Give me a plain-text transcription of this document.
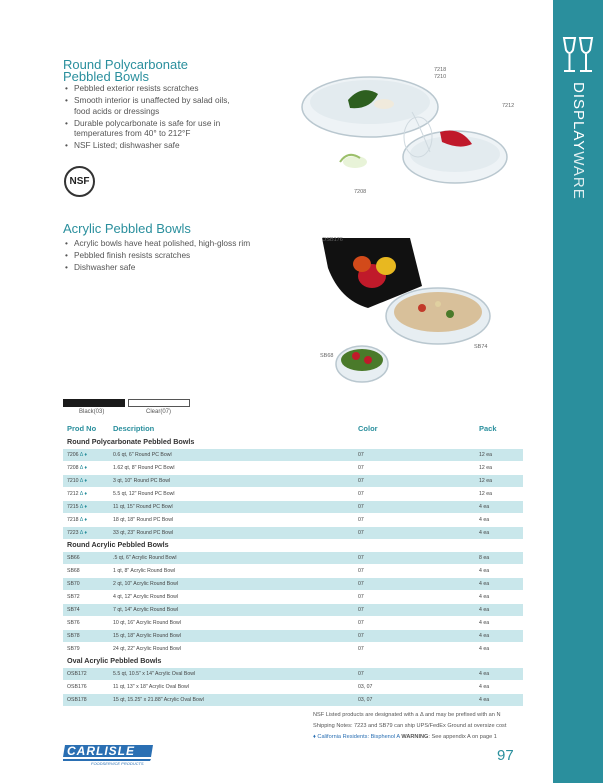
DISPLAYWARE
Round Polycarbonate
Pebbled Bowls
• Pebbled exterior resists scratches
• Smooth interior is unaffected by salad oils, food acids or dressings
• Durable polycarbonate is safe for use in temperatures from 40° to 212°F
• NSF Listed; dishwasher safe
NSF
7218
7210
7212
7208
Acrylic Pebbled Bowls
• Acrylic bowls have heat polished, high-gloss rim
• Pebbled finish resists scratches
• Dishwasher safe
OSB176
SB74
SB68
Black(03)	Clear(07)
Prod No Description	Color	Pack
Round Polycarbonate Pebbled Bowls
7206 Δ ♦	0.6 qt, 6" Round PC Bowl	07	12 ea
7208 Δ ♦	1.62 qt, 8" Round PC Bowl	07	12 ea
7210 Δ ♦	3 qt, 10" Round PC Bowl	07	12 ea
7212 Δ ♦	5.5 qt, 12" Round PC Bowl	07	12 ea
7215 Δ ♦	11 qt, 15" Round PC Bowl	07	4 ea
7218 Δ ♦	18 qt, 18" Round PC Bowl	07	4 ea
7223 Δ ♦	33 qt, 23" Round PC Bowl	07	4 ea
Round Acrylic Pebbled Bowls
SB66	.5 qt, 6" Acrylic Round Bowl	07	8 ea
SB68	1 qt, 8" Acrylic Round Bowl	07	4 ea
SB70	2 qt, 10" Acrylic Round Bowl	07	4 ea
SB72	4 qt, 12" Acrylic Round Bowl	07	4 ea
SB74	7 qt, 14" Acrylic Round Bowl	07	4 ea
SB76	10 qt, 16" Acrylic Round Bowl	07	4 ea
SB78	15 qt, 18" Acrylic Round Bowl	07	4 ea
SB79	24 qt, 22" Acrylic Round Bowl	07	4 ea
Oval Acrylic Pebbled Bowls
OSB172	5.5 qt, 10.5" x 14" Acrylic Oval Bowl	07	4 ea
OSB176	11 qt, 13" x 18" Acrylic Oval Bowl	03, 07	4 ea
OSB178	15 qt, 15.25" x 21.88" Acrylic Oval Bowl	03, 07	4 ea
NSF Listed products are designated with a Δ and may be prefixed with an N
Shipping Notes: 7223 and SB79 can ship UPS/FedEx Ground at oversize cost
♦ California Residents: Bisphenol A WARNING: See appendix A on page 1
CARLISLE
FOODSERVICE PRODUCTS	97
